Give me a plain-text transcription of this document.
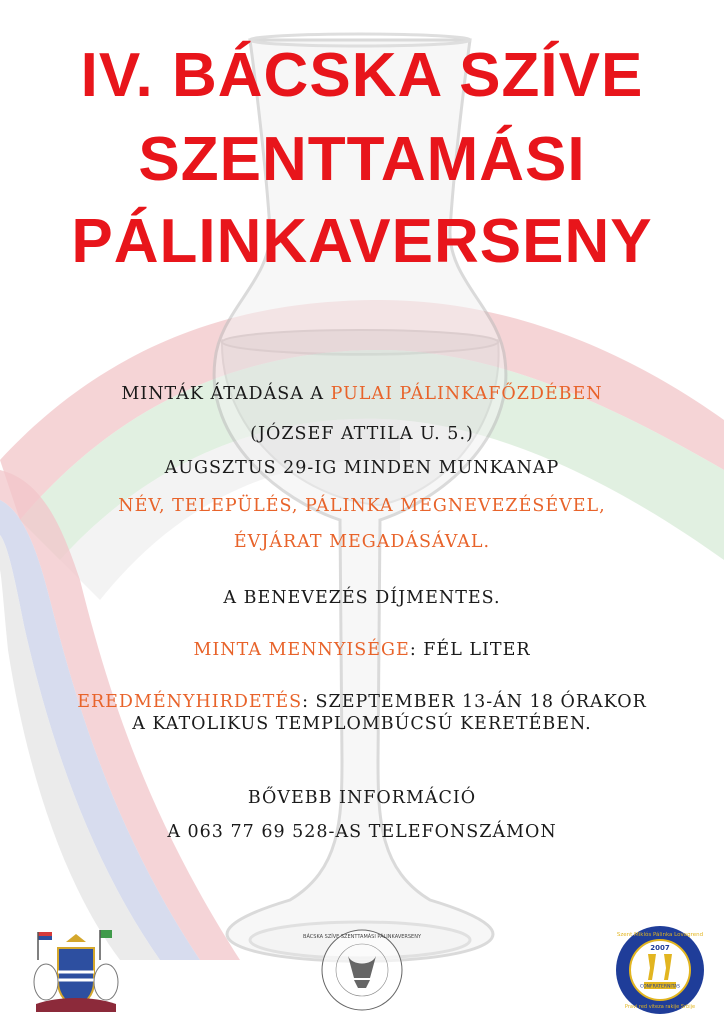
IV. BÁCSKA SZÍVE
SZENTTAMÁSI
PÁLINKAVERSENY
MINTÁK ÁTADÁSA A PULAI PÁLINKAFŐZDÉBEN
(JÓZSEF ATTILA U. 5.)
AUGSZTUS 29-IG MINDEN MUNKANAP
NÉV, TELEPÜLÉS, PÁLINKA MEGNEVEZÉSÉVEL,
ÉVJÁRAT MEGADÁSÁVAL.
A BENEVEZÉS DÍJMENTES.
MINTA MENNYISÉGE: FÉL LITER
EREDMÉNYHIRDETÉS: SZEPTEMBER 13-ÁN 18 ÓRAKOR
A KATOLIKUS TEMPLOMBÚCSÚ KERETÉBEN.
BŐVEBB INFORMÁCIÓ
A 063 77 69 528-AS TELEFONSZÁMON
BÁCSKA SZÍVE SZENTTAMÁSI PÁLINKAVERSENY
2007
CONFRATERNITAS
Szent Miklós Pálinka Lovagrend
Pravi red viteza rakije Srbije
